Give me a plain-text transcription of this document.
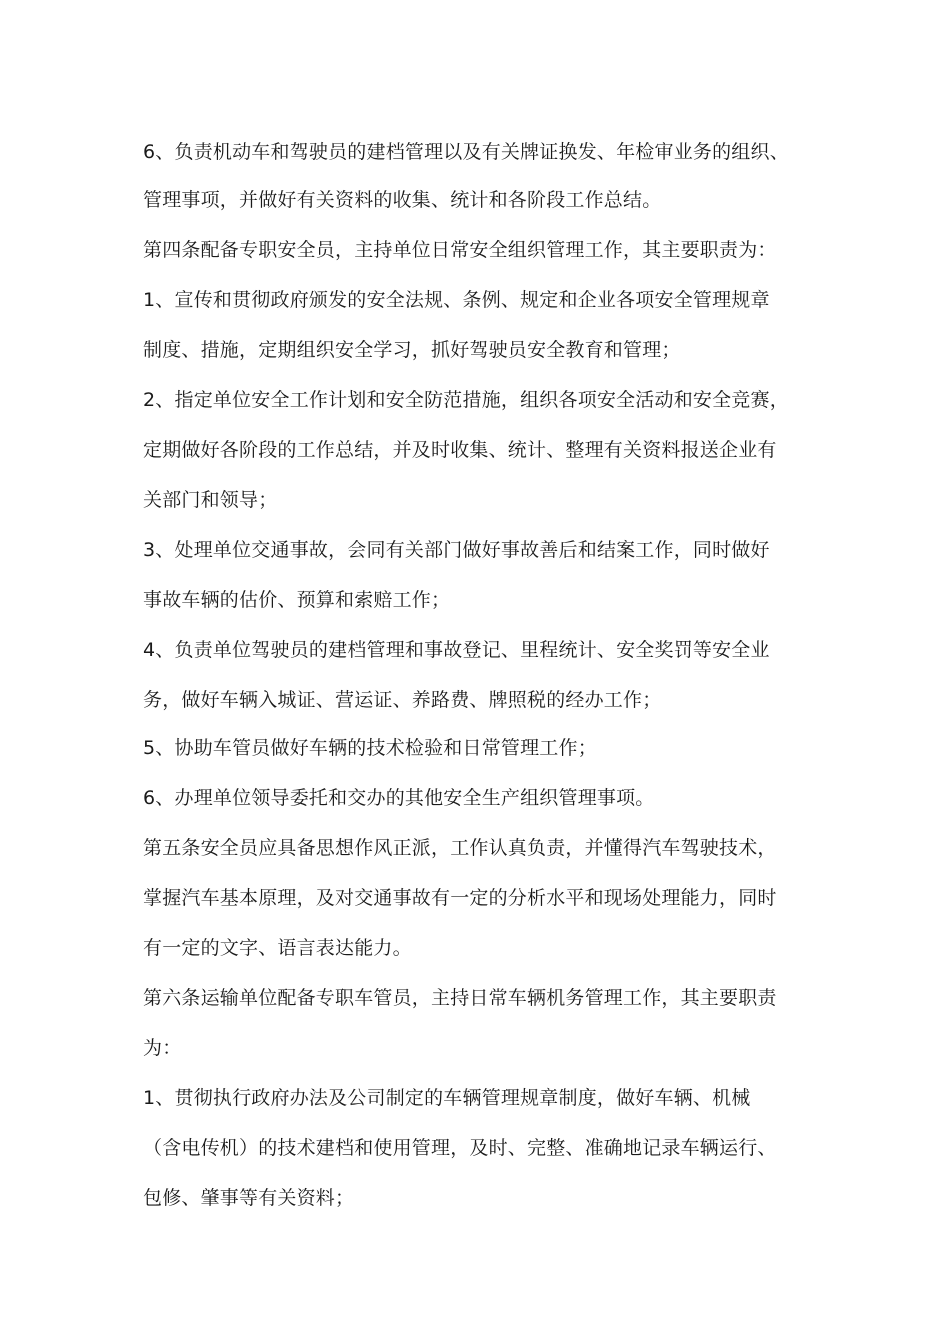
6、负责机动车和驾驶员的建档管理以及有关牌证换发、年检审业务的组织、
管理事项，并做好有关资料的收集、统计和各阶段工作总结。
第四条配备专职安全员，主持单位日常安全组织管理工作，其主要职责为：
1、宣传和贯彻政府颁发的安全法规、条例、规定和企业各项安全管理规章
制度、措施，定期组织安全学习，抓好驾驶员安全教育和管理；
2、指定单位安全工作计划和安全防范措施，组织各项安全活动和安全竞赛，
定期做好各阶段的工作总结，并及时收集、统计、整理有关资料报送企业有
关部门和领导；
3、处理单位交通事故，会同有关部门做好事故善后和结案工作，同时做好
事故车辆的估价、预算和索赔工作；
4、负责单位驾驶员的建档管理和事故登记、里程统计、安全奖罚等安全业
务，做好车辆入城证、营运证、养路费、牌照税的经办工作；
5、协助车管员做好车辆的技术检验和日常管理工作；
6、办理单位领导委托和交办的其他安全生产组织管理事项。
第五条安全员应具备思想作风正派，工作认真负责，并懂得汽车驾驶技术，
掌握汽车基本原理，及对交通事故有一定的分析水平和现场处理能力，同时
有一定的文字、语言表达能力。
第六条运输单位配备专职车管员，主持日常车辆机务管理工作，其主要职责
为：
1、贯彻执行政府办法及公司制定的车辆管理规章制度，做好车辆、机械
（含电传机）的技术建档和使用管理，及时、完整、准确地记录车辆运行、
包修、肇事等有关资料；
